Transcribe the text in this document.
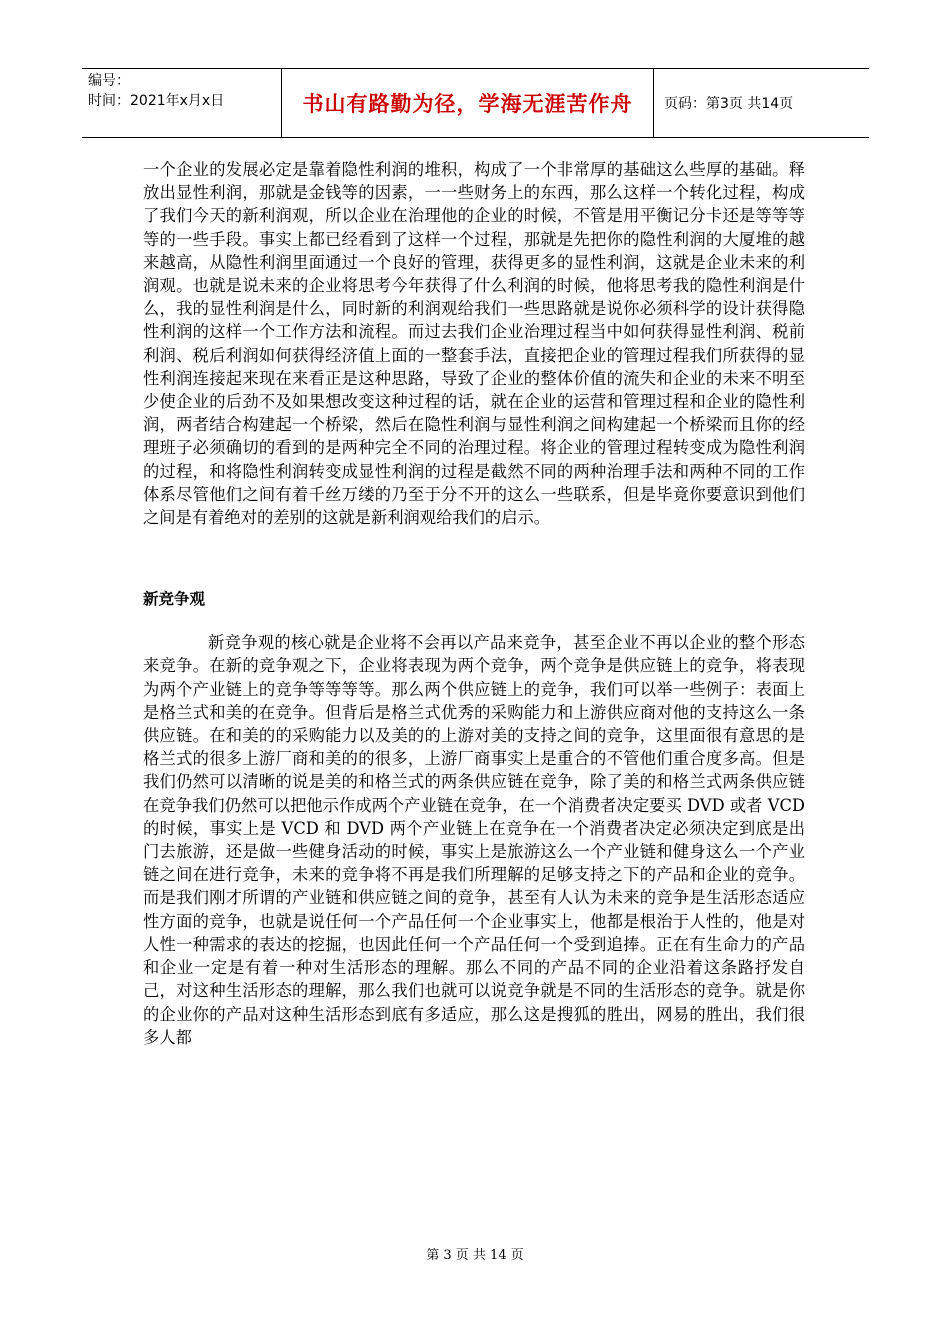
编号：
时间：2021年x月x日	书山有路勤为径，学海无涯苦作舟 页码：第3页 共14页

一个企业的发展必定是靠着隐性利润的堆积，构成了一个非常厚的基础这么些厚的基础。释放出显性利润，那就是金钱等的因素，一一些财务上的东西，那么这样一个转化过程，构成了我们今天的新利润观，所以企业在治理他的企业的时候，不管是用平衡记分卡还是等等等等的一些手段。事实上都已经看到了这样一个过程，那就是先把你的隐性利润的大厦堆的越来越高，从隐性利润里面通过一个良好的管理，获得更多的显性利润，这就是企业未来的利润观。也就是说未来的企业将思考今年获得了什么利润的时候，他将思考我的隐性利润是什么，我的显性利润是什么，同时新的利润观给我们一些思路就是说你必须科学的设计获得隐性利润的这样一个工作方法和流程。而过去我们企业治理过程当中如何获得显性利润、税前利润、税后利润如何获得经济值上面的一整套手法，直接把企业的管理过程我们所获得的显性利润连接起来现在来看正是这种思路，导致了企业的整体价值的流失和企业的未来不明至少使企业的后劲不及如果想改变这种过程的话，就在企业的运营和管理过程和企业的隐性利润，两者结合构建起一个桥梁，然后在隐性利润与显性利润之间构建起一个桥梁而且你的经理班子必须确切的看到的是两种完全不同的治理过程。将企业的管理过程转变成为隐性利润的过程，和将隐性利润转变成显性利润的过程是截然不同的两种治理手法和两种不同的工作体系尽管他们之间有着千丝万缕的乃至于分不开的这么一些联系，但是毕竟你要意识到他们之间是有着绝对的差别的这就是新利润观给我们的启示。

新竞争观

新竞争观的核心就是企业将不会再以产品来竞争，甚至企业不再以企业的整个形态来竞争。在新的竞争观之下，企业将表现为两个竞争，两个竞争是供应链上的竞争，将表现为两个产业链上的竞争等等等等。那么两个供应链上的竞争，我们可以举一些例子：表面上是格兰式和美的在竞争。但背后是格兰式优秀的采购能力和上游供应商对他的支持这么一条供应链。在和美的的采购能力以及美的的上游对美的支持之间的竞争，这里面很有意思的是格兰式的很多上游厂商和美的的很多，上游厂商事实上是重合的不管他们重合度多高。但是我们仍然可以清晰的说是美的和格兰式的两条供应链在竞争，除了美的和格兰式两条供应链在竞争我们仍然可以把他示作成两个产业链在竞争，在一个消费者决定要买 DVD 或者 VCD 的时候，事实上是 VCD 和 DVD 两个产业链上在竞争在一个消费者决定必须决定到底是出门去旅游，还是做一些健身活动的时候，事实上是旅游这么一个产业链和健身这么一个产业链之间在进行竞争，未来的竞争将不再是我们所理解的足够支持之下的产品和企业的竞争。而是我们刚才所谓的产业链和供应链之间的竞争，甚至有人认为未来的竞争是生活形态适应性方面的竞争，也就是说任何一个产品任何一个企业事实上，他都是根治于人性的，他是对人性一种需求的表达的挖掘，也因此任何一个产品任何一个受到追捧。正在有生命力的产品和企业一定是有着一种对生活形态的理解。那么不同的产品不同的企业沿着这条路抒发自己，对这种生活形态的理解，那么我们也就可以说竞争就是不同的生活形态的竞争。就是你的企业你的产品对这种生活形态到底有多适应，那么这是搜狐的胜出，网易的胜出，我们很多人都

第 3 页 共 14 页
